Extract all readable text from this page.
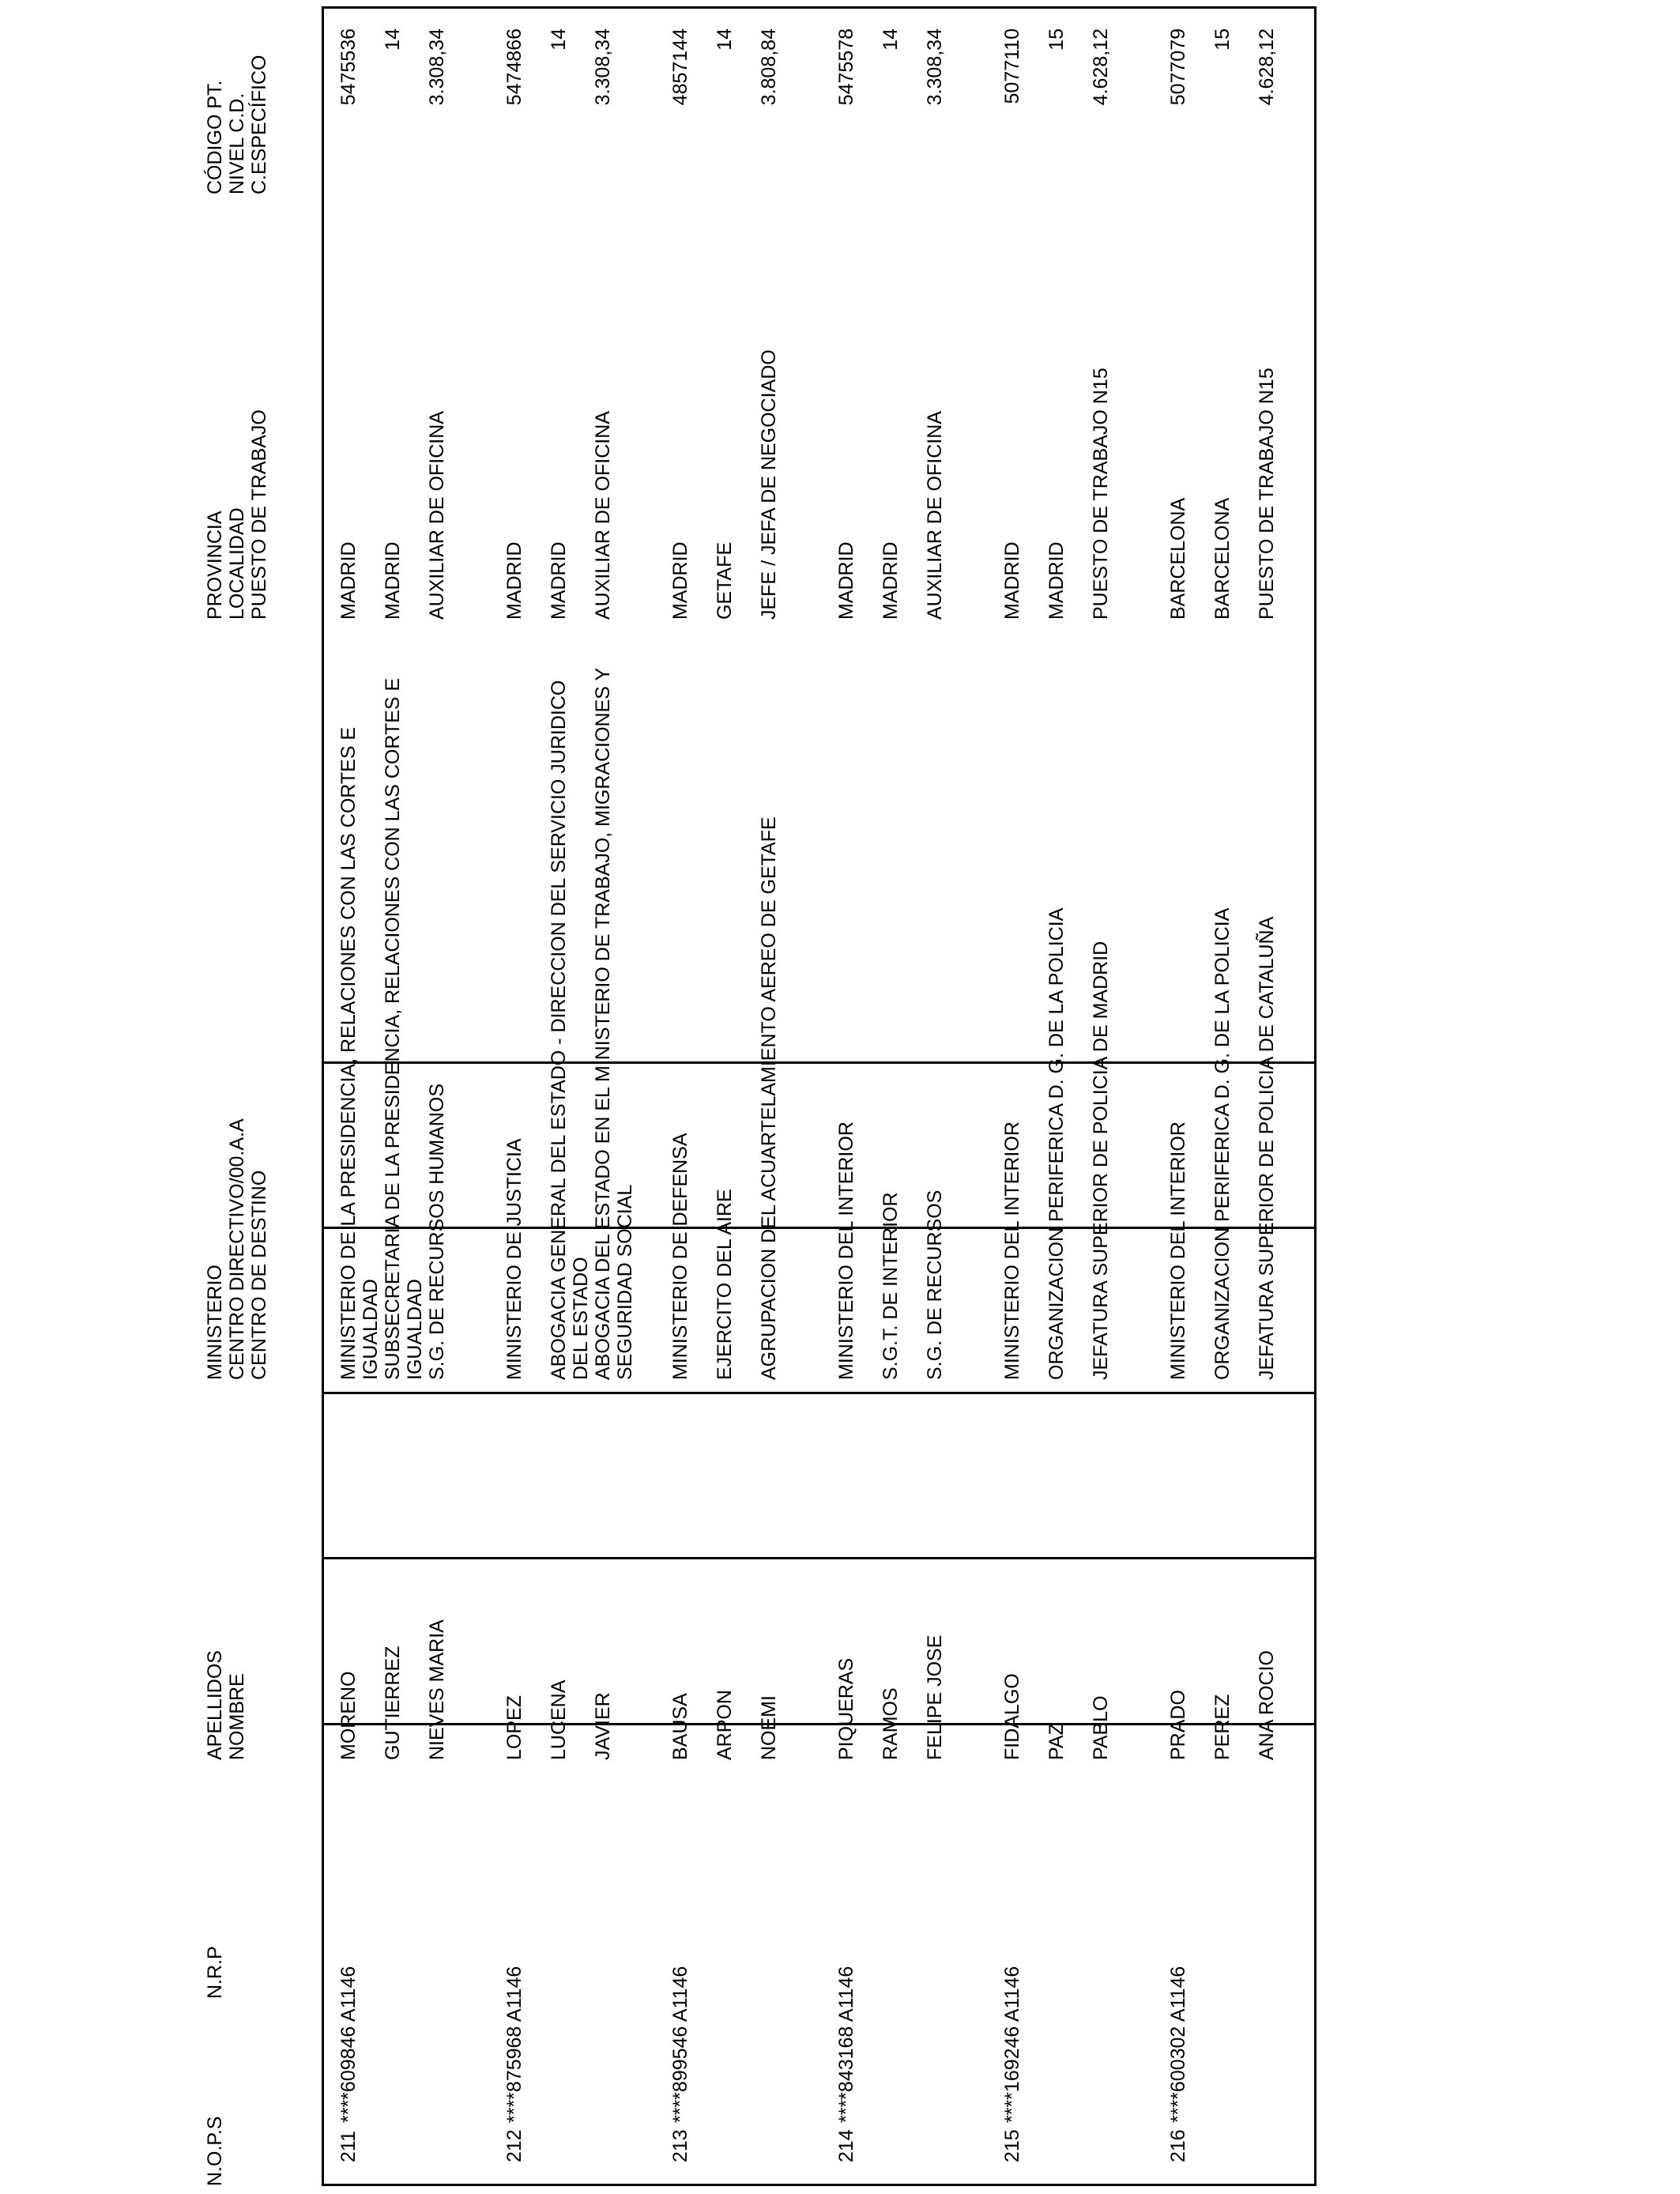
N.O.P.S
N.R.P
APELLIDOS NOMBRE
MINISTERIO CENTRO DIRECTIVO/00.A.A CENTRO DE DESTINO
PROVINCIA LOCALIDAD PUESTO DE TRABAJO
CÓDIGO PT. NIVEL C.D. C.ESPECÍFICO
211
****609846 A1146
MORENO GUTIERREZ NIEVES MARIA
MINISTERIO DE LA PRESIDENCIA, RELACIONES CON LAS CORTES E IGUALDAD SUBSECRETARIA DE LA PRESIDENCIA, RELACIONES CON LAS CORTES E IGUALDAD S.G. DE RECURSOS HUMANOS
MADRID MADRID AUXILIAR DE OFICINA
5475536 14 3.308,34
212
****875968 A1146
LOPEZ LUCENA JAVIER
MINISTERIO DE JUSTICIA ABOGACIA GENERAL DEL ESTADO - DIRECCION DEL SERVICIO JURIDICO DEL ESTADO ABOGACIA DEL ESTADO EN EL MINISTERIO DE TRABAJO, MIGRACIONES Y SEGURIDAD SOCIAL
MADRID MADRID AUXILIAR DE OFICINA
5474866 14 3.308,34
213
****899546 A1146
BAUSA ARPON NOEMI
MINISTERIO DE DEFENSA EJERCITO DEL AIRE AGRUPACION DEL ACUARTELAMIENTO AEREO DE GETAFE
MADRID GETAFE JEFE / JEFA DE NEGOCIADO
4857144 14 3.808,84
214
****843168 A1146
PIQUERAS RAMOS FELIPE JOSE
MINISTERIO DEL INTERIOR S.G.T. DE INTERIOR S.G. DE RECURSOS
MADRID MADRID AUXILIAR DE OFICINA
5475578 14 3.308,34
215
****169246 A1146
FIDALGO PAZ PABLO
MINISTERIO DEL INTERIOR ORGANIZACION PERIFERICA D. G. DE LA POLICIA JEFATURA SUPERIOR DE POLICIA DE MADRID
MADRID MADRID PUESTO DE TRABAJO N15
5077110 15 4.628,12
216
****600302 A1146
PRADO PEREZ ANA ROCIO
MINISTERIO DEL INTERIOR ORGANIZACION PERIFERICA D. G. DE LA POLICIA JEFATURA SUPERIOR DE POLICIA DE CATALUÑA
BARCELONA BARCELONA PUESTO DE TRABAJO N15
5077079 15 4.628,12
